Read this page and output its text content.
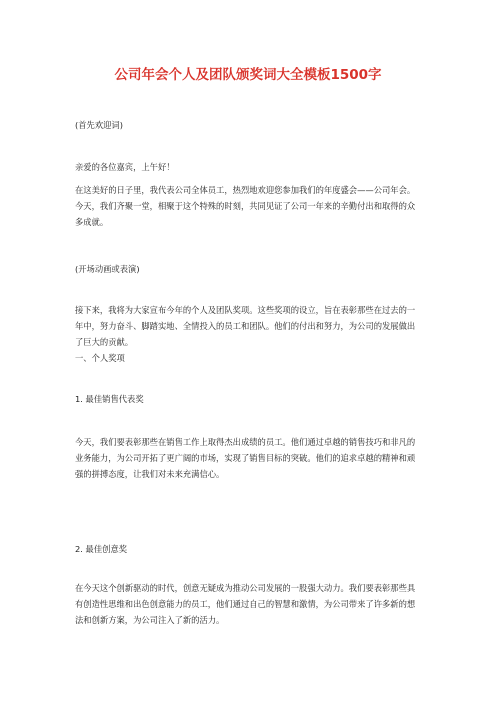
公司年会个人及团队颁奖词大全模板1500字
(首先欢迎词)
亲爱的各位嘉宾，上午好！
在这美好的日子里，我代表公司全体员工，热烈地欢迎您参加我们的年度盛会——公司年会。今天，我们齐聚一堂，相聚于这个特殊的时刻，共同见证了公司一年来的辛勤付出和取得的众多成就。
(开场动画或表演)
接下来，我将为大家宣布今年的个人及团队奖项。这些奖项的设立，旨在表彰那些在过去的一年中，努力奋斗、脚踏实地、全情投入的员工和团队。他们的付出和努力，为公司的发展做出了巨大的贡献。
一、个人奖项
1. 最佳销售代表奖
今天，我们要表彰那些在销售工作上取得杰出成绩的员工。他们通过卓越的销售技巧和非凡的业务能力，为公司开拓了更广阔的市场，实现了销售目标的突破。他们的追求卓越的精神和顽强的拼搏态度，让我们对未来充满信心。
2. 最佳创意奖
在今天这个创新驱动的时代，创意无疑成为推动公司发展的一股强大动力。我们要表彰那些具有创造性思维和出色创意能力的员工，他们通过自己的智慧和激情，为公司带来了许多新的想法和创新方案，为公司注入了新的活力。
